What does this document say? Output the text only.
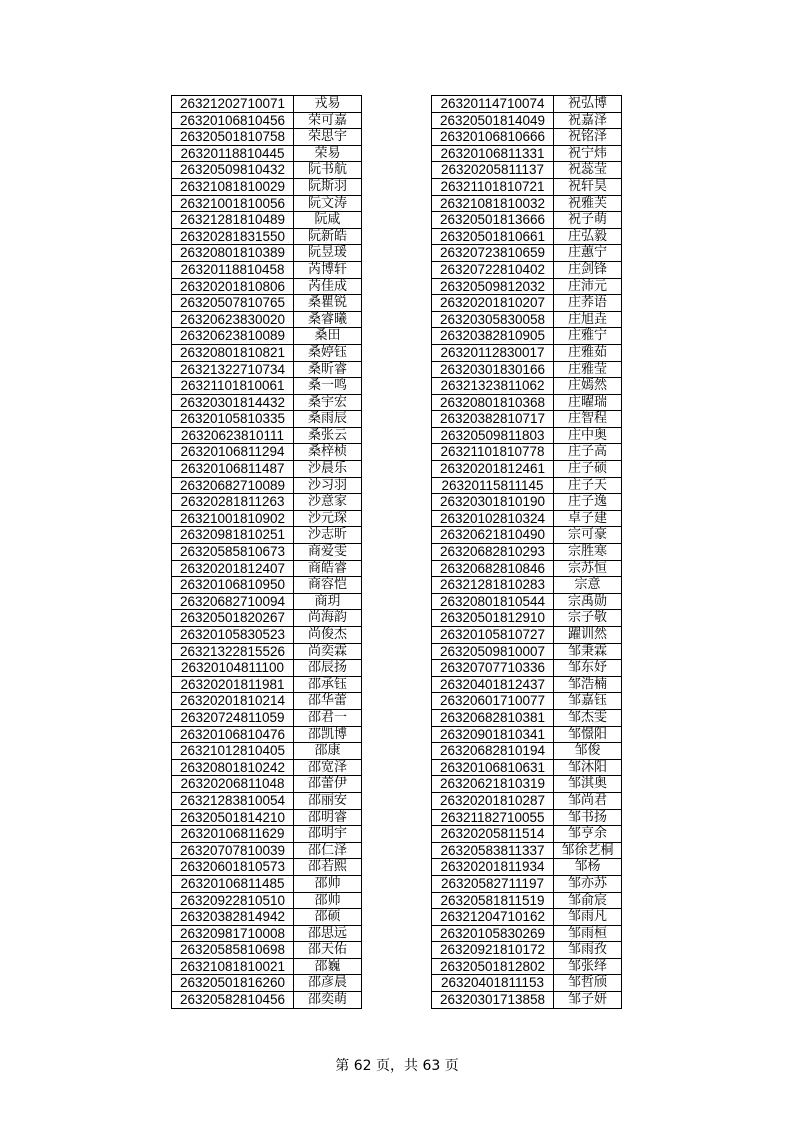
26321202710071	戎易
26320106810456	荣可嘉
26320501810758	荣思宇
26320118810445	荣易
26320509810432	阮书航
26321081810029	阮斯羽
26321001810056	阮文涛
26321281810489	阮咸
26320281831550	阮新皓
26320801810389	阮昱瑗
26320118810458	芮博轩
26320201810806	芮佳成
26320507810765	桑瞿锐
26320623830020	桑睿曦
26320623810089	桑田
26320801810821	桑婷钰
26321322710734	桑昕睿
26321101810061	桑一鸣
26320301814432	桑宇宏
26320105810335	桑雨辰
26320623810111	桑张云
26320106811294	桑梓桢
26320106811487	沙晨乐
26320682710089	沙习羽
26320281811263	沙意家
26321001810902	沙元琛
26320981810251	沙志昕
26320585810673	商爱雯
26320201812407	商皓睿
26320106810950	商容恺
26320682710094	商玥
26320501820267	尚海韵
26320105830523	尚俊杰
26321322815526	尚奕霖
26320104811100	邵辰扬
26320201811981	邵承钰
26320201810214	邵华蕾
26320724811059	邵君一
26320106810476	邵凯博
26321012810405	邵康
26320801810242	邵宽泽
26320206811048	邵蕾伊
26321283810054	邵丽安
26320501814210	邵明睿
26320106811629	邵明宇
26320707810039	邵仁泽
26320601810573	邵若熙
26320106811485	邵帅
26320922810510	邵帅
26320382814942	邵硕
26320981710008	邵思远
26320585810698	邵天佑
26321081810021	邵巍
26320501816260	邵彦晨
26320582810456	邵奕萌
26320114710074	祝弘博
26320501814049	祝嘉泽
26320106810666	祝铭泽
26320106811331	祝宁炜
26320205811137	祝蕊莹
26321101810721	祝轩昊
26321081810032	祝雅芙
26320501813666	祝子萌
26320501810661	庄弘毅
26320723810659	庄蕙宁
26320722810402	庄剑锋
26320509812032	庄沛元
26320201810207	庄荞语
26320305830058	庄旭垚
26320382810905	庄雅宁
26320112830017	庄雅茹
26320301830166	庄雅莹
26321323811062	庄嫣然
26320801810368	庄曜瑞
26320382810717	庄智程
26320509811803	庄中奥
26321101810778	庄子高
26320201812461	庄子硕
26320115811145	庄子天
26320301810190	庄子逸
26320102810324	卓子建
26320621810490	宗可豪
26320682810293	宗胜寒
26320682810846	宗苏恒
26321281810283	宗意
26320801810544	宗禹勋
26320501812910	宗子敬
26320105810727	躍训然
26320509810007	邹秉霖
26320707710336	邹东妤
26320401812437	邹浩楠
26320601710077	邹嘉钰
26320682810381	邹杰雯
26320901810341	邹憬阳
26320682810194	邹俊
26320106810631	邹沐阳
26320621810319	邹淇奥
26320201810287	邹尚君
26321182710055	邹书扬
26320205811514	邹亨余
26320583811337	邹徐艺桐
26320201811934	邹杨
26320582711197	邹亦苏
26320581811519	邹俞宸
26321204710162	邹雨凡
26320105830269	邹雨桓
26320921810172	邹雨孜
26320501812802	邹张绎
26320401811153	邹哲颀
26320301713858	邹子妍
第 62 页，共 63 页
